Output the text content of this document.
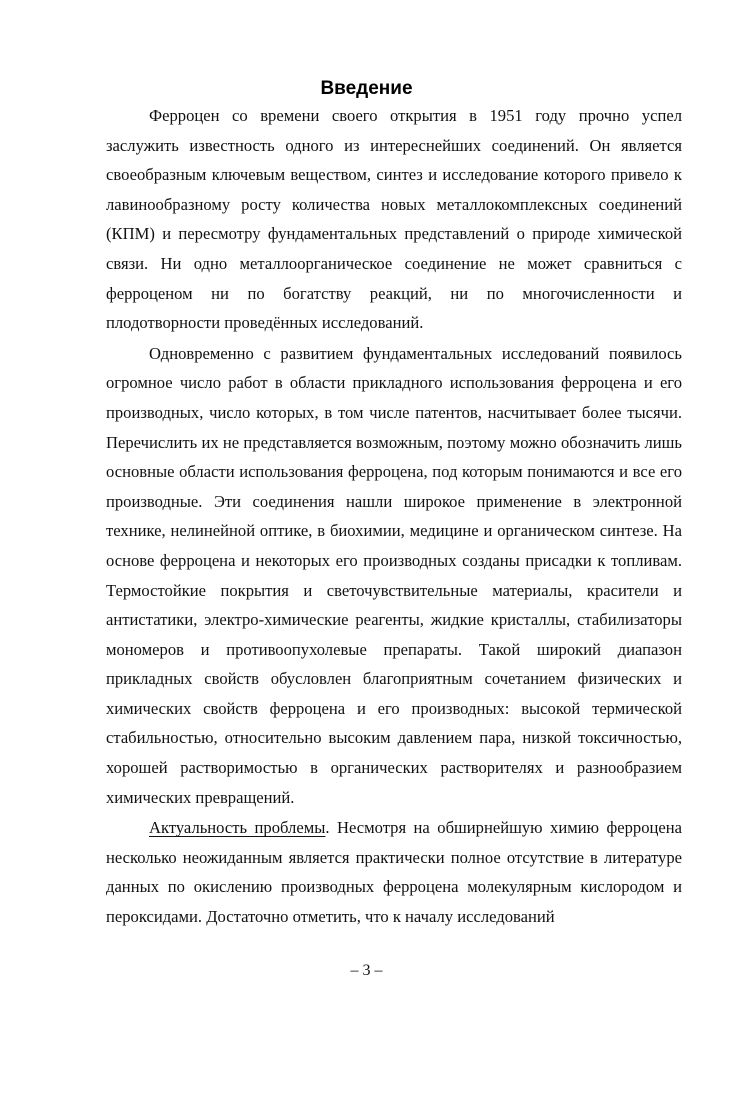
Введение

Ферроцен со времени своего открытия в 1951 году прочно успел заслужить известность одного из интереснейших соединений. Он является своеобразным ключевым веществом, синтез и исследование которого привело к лавинообразному росту количества новых металлокомплексных соединений (КПМ) и пересмотру фундаментальных представлений о природе химической связи. Ни одно металлоорганическое соединение не может сравниться с ферроценом ни по богатству реакций, ни по многочисленности и плодотворности проведённых исследований.

Одновременно с развитием фундаментальных исследований появилось огромное число работ в области прикладного использования ферроцена и его производных, число которых, в том числе патентов, насчитывает более тысячи. Перечислить их не представляется возможным, поэтому можно обозначить лишь основные области использования ферроцена, под которым понимаются и все его производные. Эти соединения нашли широкое применение в электронной технике, нелинейной оптике, в биохимии, медицине и органическом синтезе. На основе ферроцена и некоторых его производных созданы присадки к топливам. Термостойкие покрытия и светочувствительные материалы, красители и антистатики, электро-химические реагенты, жидкие кристаллы, стабилизаторы мономеров и противоопухолевые препараты. Такой широкий диапазон прикладных свойств обусловлен благоприятным сочетанием физических и химических свойств ферроцена и его производных: высокой термической стабильностью, относительно высоким давлением пара, низкой токсичностью, хорошей растворимостью в органических растворителях и разнообразием химических превращений.

Актуальность проблемы. Несмотря на обширнейшую химию ферроцена несколько неожиданным является практически полное отсутствие в литературе данных по окислению производных ферроцена молекулярным кислородом и пероксидами. Достаточно отметить, что к началу исследований

– 3 –
